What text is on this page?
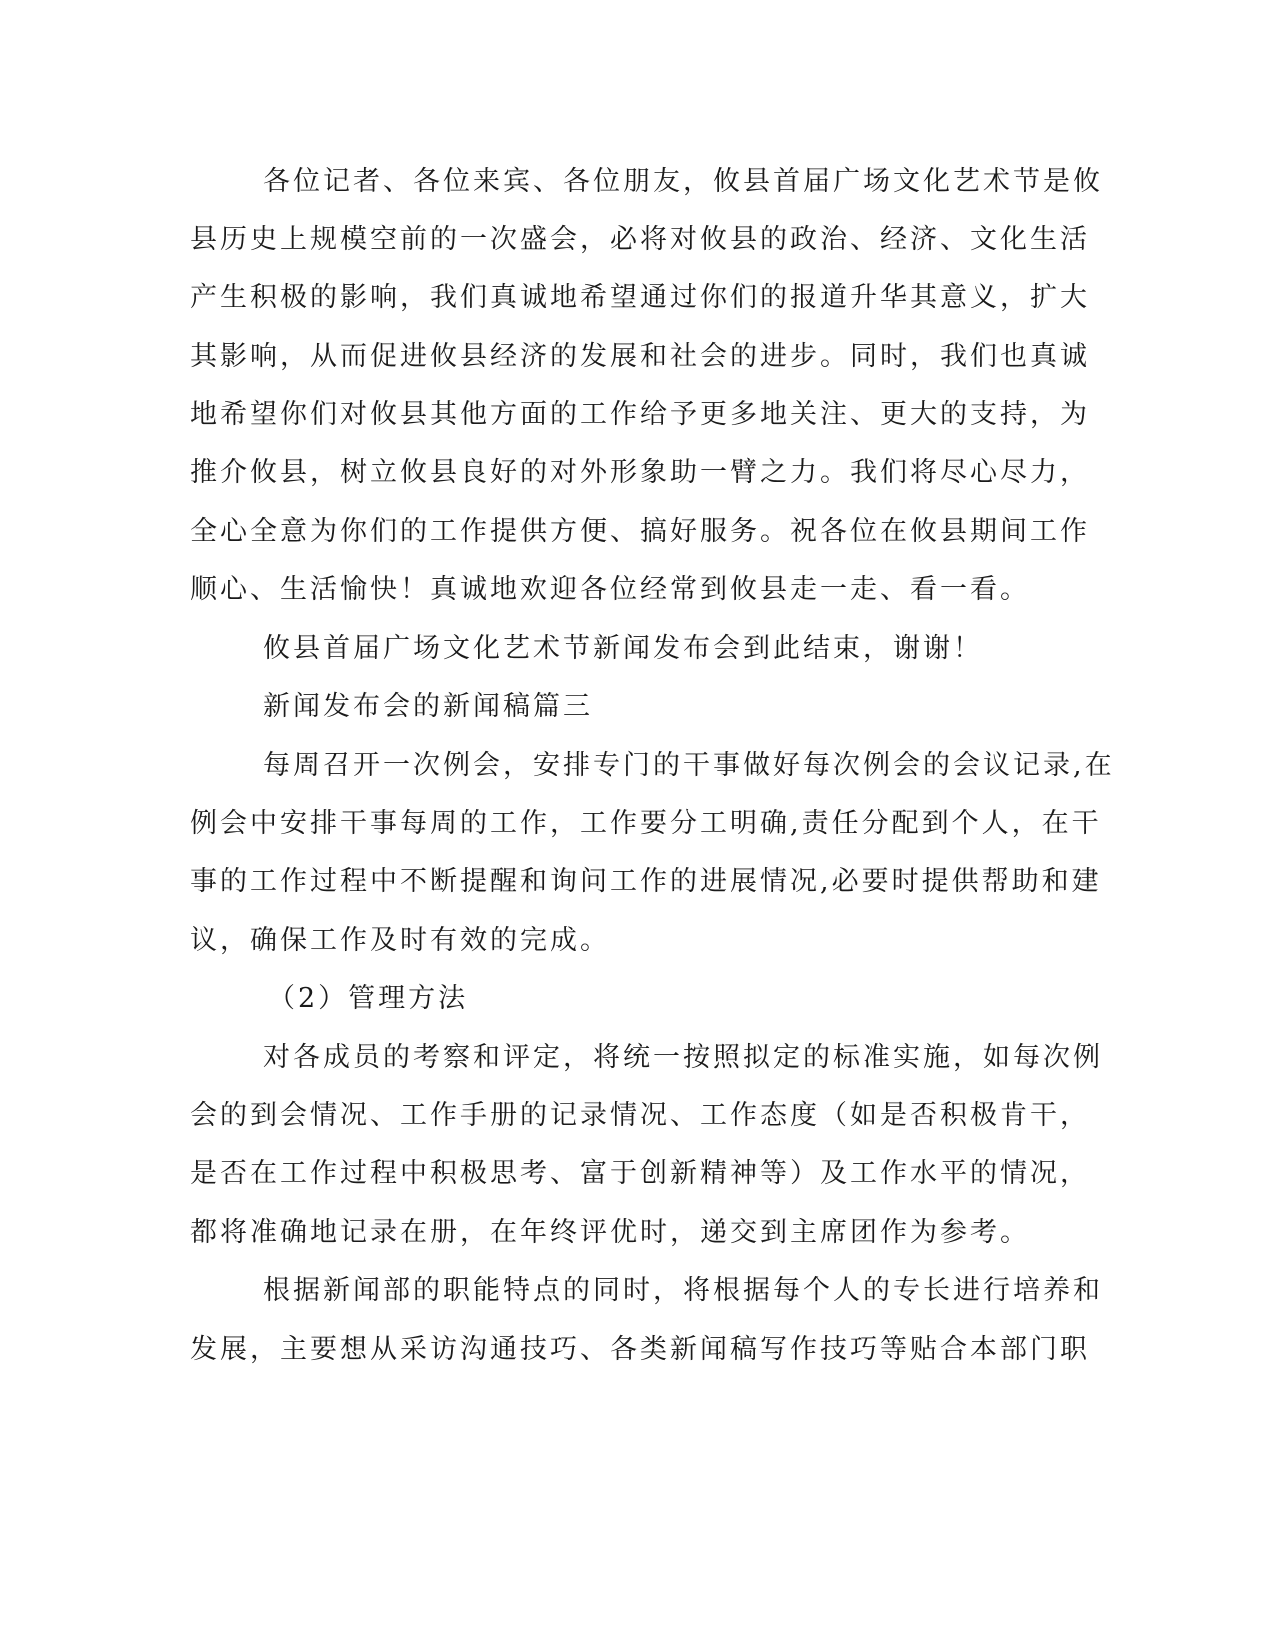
各位记者、各位来宾、各位朋友，攸县首届广场文化艺术节是攸
县历史上规模空前的一次盛会，必将对攸县的政治、经济、文化生活
产生积极的影响，我们真诚地希望通过你们的报道升华其意义，扩大
其影响，从而促进攸县经济的发展和社会的进步。同时，我们也真诚
地希望你们对攸县其他方面的工作给予更多地关注、更大的支持，为
推介攸县，树立攸县良好的对外形象助一臂之力。我们将尽心尽力，
全心全意为你们的工作提供方便、搞好服务。祝各位在攸县期间工作
顺心、生活愉快！真诚地欢迎各位经常到攸县走一走、看一看。
攸县首届广场文化艺术节新闻发布会到此结束，谢谢！
新闻发布会的新闻稿篇三
每周召开一次例会，安排专门的干事做好每次例会的会议记录,在
例会中安排干事每周的工作，工作要分工明确,责任分配到个人，在干
事的工作过程中不断提醒和询问工作的进展情况,必要时提供帮助和建
议，确保工作及时有效的完成。
（2）管理方法
对各成员的考察和评定，将统一按照拟定的标准实施，如每次例
会的到会情况、工作手册的记录情况、工作态度（如是否积极肯干，
是否在工作过程中积极思考、富于创新精神等）及工作水平的情况，
都将准确地记录在册，在年终评优时，递交到主席团作为参考。
根据新闻部的职能特点的同时，将根据每个人的专长进行培养和
发展，主要想从采访沟通技巧、各类新闻稿写作技巧等贴合本部门职
